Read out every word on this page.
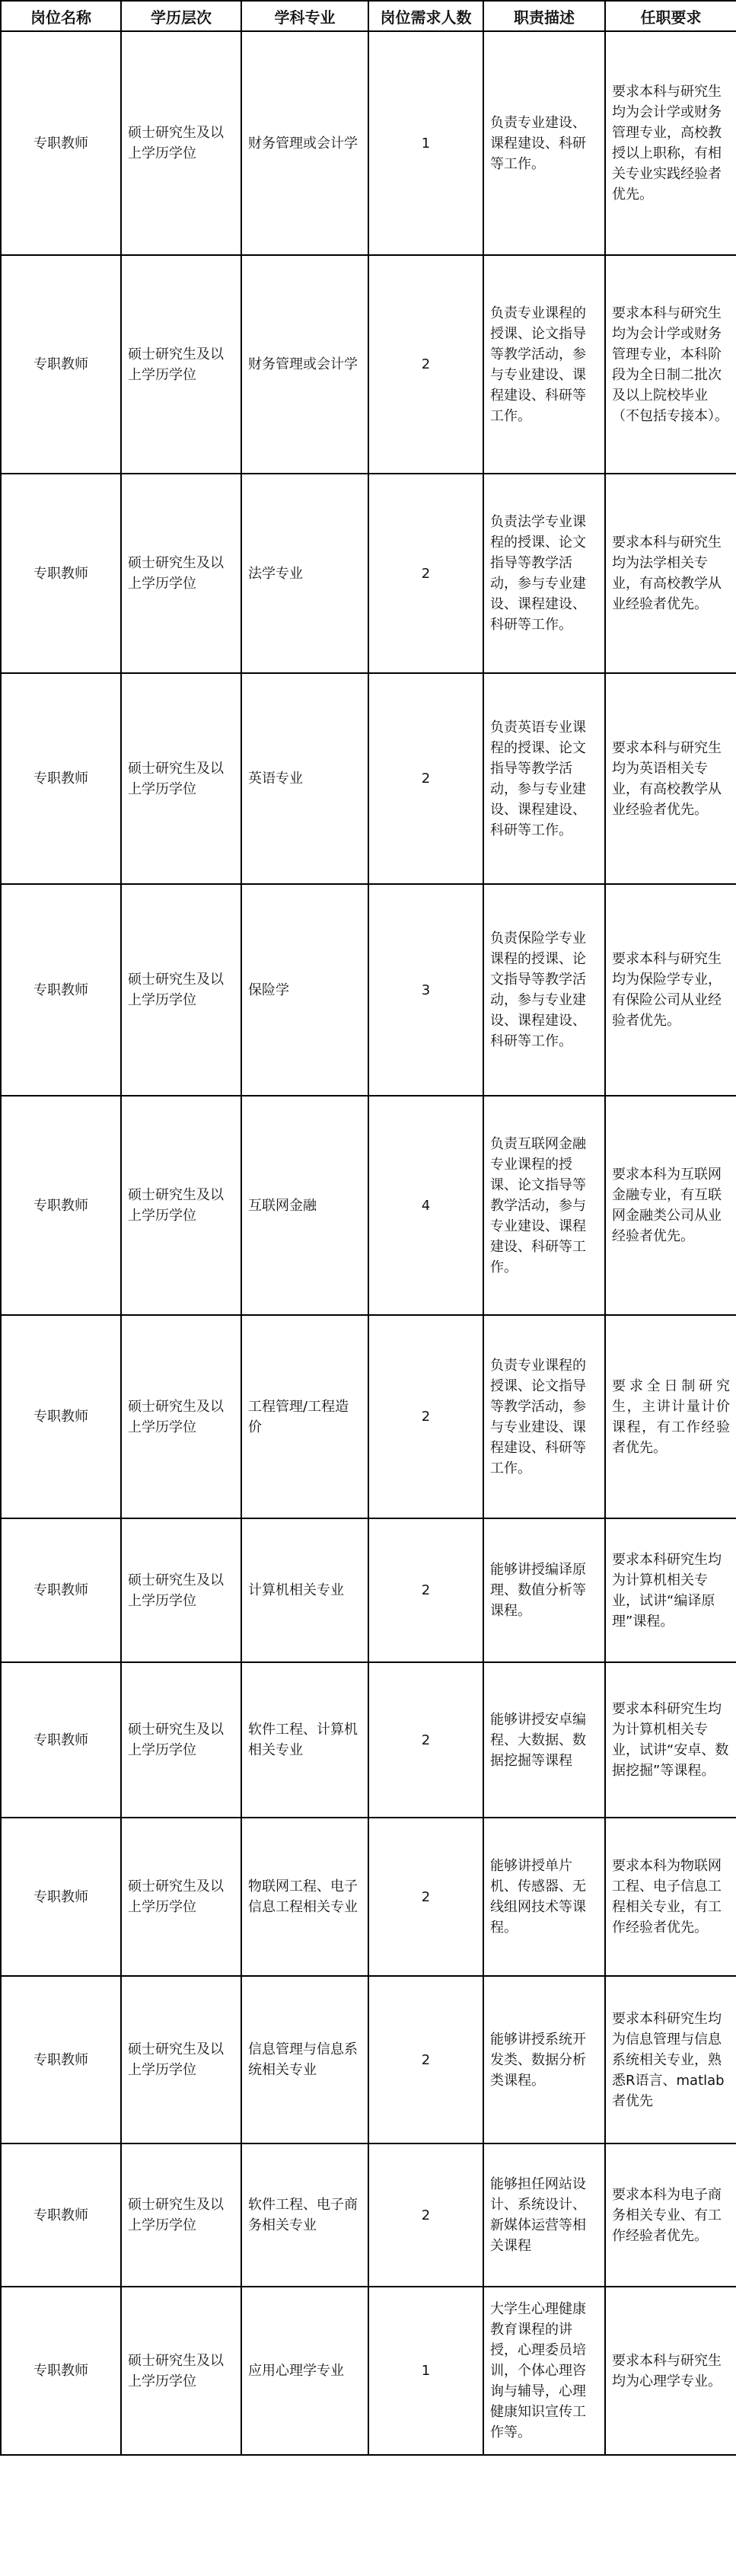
岗位名称	学历层次	学科专业	岗位需求人数	职责描述	任职要求
专职教师	硕士研究生及以上学历学位	财务管理或会计学	1	负责专业建设、课程建设、科研等工作。	要求本科与研究生均为会计学或财务管理专业，高校教授以上职称，有相关专业实践经验者优先。
专职教师	硕士研究生及以上学历学位	财务管理或会计学	2	负责专业课程的授课、论文指导等教学活动，参与专业建设、课程建设、科研等工作。	要求本科与研究生均为会计学或财务管理专业，本科阶段为全日制二批次及以上院校毕业（不包括专接本）。
专职教师	硕士研究生及以上学历学位	法学专业	2	负责法学专业课程的授课、论文指导等教学活动，参与专业建设、课程建设、科研等工作。	要求本科与研究生均为法学相关专业，有高校教学从业经验者优先。
专职教师	硕士研究生及以上学历学位	英语专业	2	负责英语专业课程的授课、论文指导等教学活动，参与专业建设、课程建设、科研等工作。	要求本科与研究生均为英语相关专业，有高校教学从业经验者优先。
专职教师	硕士研究生及以上学历学位	保险学	3	负责保险学专业课程的授课、论文指导等教学活动，参与专业建设、课程建设、科研等工作。	要求本科与研究生均为保险学专业，有保险公司从业经验者优先。
专职教师	硕士研究生及以上学历学位	互联网金融	4	负责互联网金融专业课程的授课、论文指导等教学活动，参与专业建设、课程建设、科研等工作。	要求本科为互联网金融专业，有互联网金融类公司从业经验者优先。
专职教师	硕士研究生及以上学历学位	工程管理/工程造价	2	负责专业课程的授课、论文指导等教学活动，参与专业建设、课程建设、科研等工作。	要求全日制研究生，主讲计量计价课程，有工作经验者优先。
专职教师	硕士研究生及以上学历学位	计算机相关专业	2	能够讲授编译原理、数值分析等课程。	要求本科研究生均为计算机相关专业，试讲“编译原理”课程。
专职教师	硕士研究生及以上学历学位	软件工程、计算机相关专业	2	能够讲授安卓编程、大数据、数据挖掘等课程	要求本科研究生均为计算机相关专业，试讲“安卓、数据挖掘”等课程。
专职教师	硕士研究生及以上学历学位	物联网工程、电子信息工程相关专业	2	能够讲授单片机、传感器、无线组网技术等课程。	要求本科为物联网工程、电子信息工程相关专业，有工作经验者优先。
专职教师	硕士研究生及以上学历学位	信息管理与信息系统相关专业	2	能够讲授系统开发类、数据分析类课程。	要求本科研究生均为信息管理与信息系统相关专业，熟悉R语言、matlab者优先
专职教师	硕士研究生及以上学历学位	软件工程、电子商务相关专业	2	能够担任网站设计、系统设计、新媒体运营等相关课程	要求本科为电子商务相关专业、有工作经验者优先。
专职教师	硕士研究生及以上学历学位	应用心理学专业	1	大学生心理健康教育课程的讲授，心理委员培训，个体心理咨询与辅导，心理健康知识宣传工作等。	要求本科与研究生均为心理学专业。
